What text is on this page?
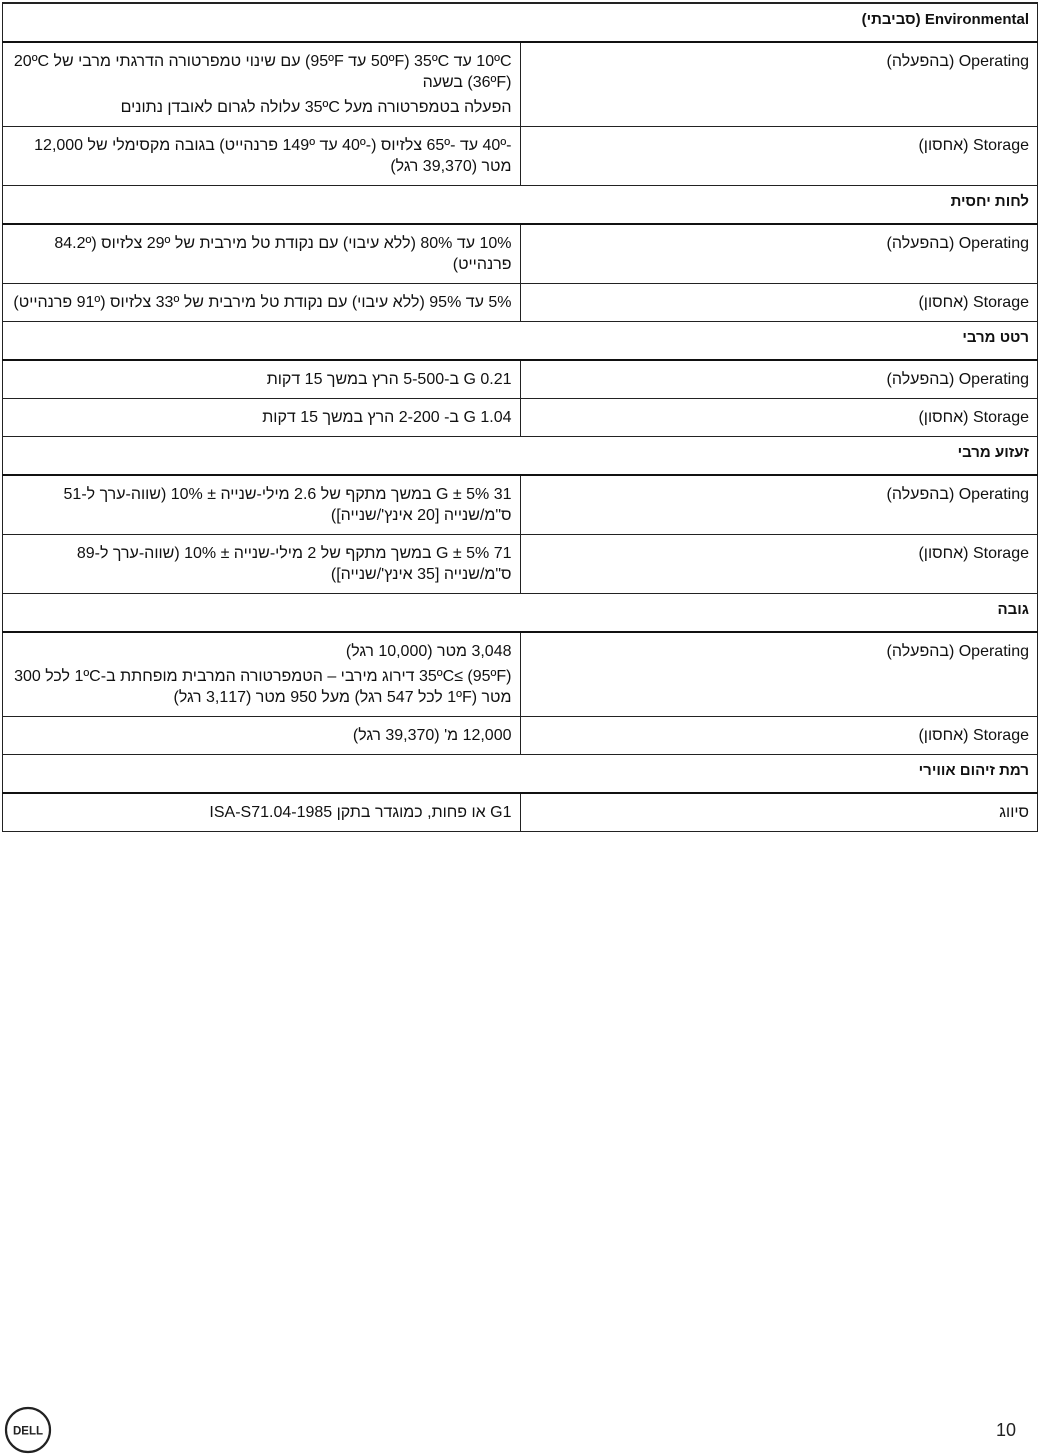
Environmental (סביבתי)	
Operating (בהפעלה)	10ºC עד 35ºC (50ºF עד 95ºF) עם שינוי טמפרטורה הדרגתי מרבי של 20ºC (36ºF) בשעה

הפעלה בטמפרטורה מעל 35ºC עלולה לגרום לאובדן נתונים

Storage (אחסון)	-40º עד -65º צלזיוס (-40º עד 149º פרנהייט) בגובה מקסימלי של 12,000 מטר (39,370 רגל)

לחות יחסית	
Operating (בהפעלה)	10% עד 80% (ללא עיבוי) עם נקודת טל מירבית של 29º צלזיוס (84.2º פרנהייט)

Storage (אחסון)	5% עד 95% (ללא עיבוי) עם נקודת טל מירבית של 33º צלזיוס (91º פרנהייט)

רטט מרבי	
Operating (בהפעלה)	0.21 G ב-5-500 הרץ במשך 15 דקות

Storage (אחסון)	1.04 G ב- 2-200 הרץ במשך 15 דקות

זעזוע מרבי	
Operating (בהפעלה)	31 G ± 5% במשך מתקף של 2.6 מילי-שנייה ± 10% (שווה-ערך ל-51 ס"מ/שנייה [20 אינץ'/שנייה])

Storage (אחסון)	71 G ± 5% במשך מתקף של 2 מילי-שנייה ± 10% (שווה-ערך ל-89 ס"מ/שנייה [35 אינץ'/שנייה])

גובה	
Operating (בהפעלה)	3,048 מטר (10,000 רגל)

35ºC≤ (95ºF) דירוג מירבי – הטמפרטורה המרבית מופחתת ב-1ºC לכל 300 מטר (1ºF לכל 547 רגל) מעל 950 מטר (3,117 רגל)

Storage (אחסון)	12,000 מ' (39,370 רגל)

רמת זיהום אווירי	
סיווג	G1 או פחות, כמוגדר בתקן ISA-S71.04-1985

DELL	10
